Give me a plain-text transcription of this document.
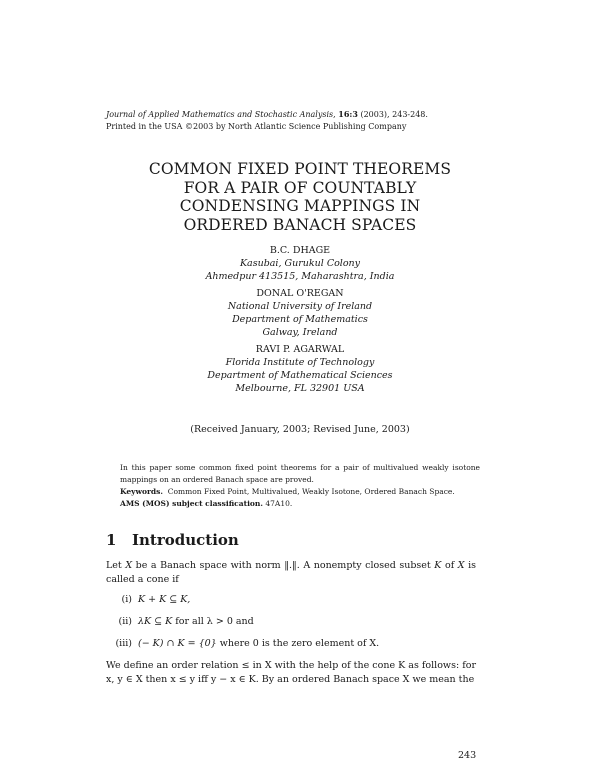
Journal of Applied Mathematics and Stochastic Analysis, 16:3 (2003), 243-248.
Printed in the USA ©2003 by North Atlantic Science Publishing Company
COMMON FIXED POINT THEOREMS
FOR A PAIR OF COUNTABLY
CONDENSING MAPPINGS IN
ORDERED BANACH SPACES
B.C. DHAGE
Kasubai, Gurukul Colony
Ahmedpur 413515, Maharashtra, India
DONAL O'REGAN
National University of Ireland
Department of Mathematics
Galway, Ireland
RAVI P. AGARWAL
Florida Institute of Technology
Department of Mathematical Sciences
Melbourne, FL 32901 USA
(Received January, 2003; Revised June, 2003)
In this paper some common fixed point theorems for a pair of multivalued weakly isotone mappings on an ordered Banach space are proved.
Keywords. Common Fixed Point, Multivalued, Weakly Isotone, Ordered Banach Space.
AMS (MOS) subject classification. 47A10.
1 Introduction

Let X be a Banach space with norm ‖.‖. A nonempty closed subset K of X is called a cone if

(i) K + K ⊆ K,
(ii) λK ⊆ K
for all λ > 0 and
(iii) (− K) ∩ K = {0}
where 0 is the zero element of X.

We define an order relation ≤ in X with the help of the cone K as follows: for x, y ∈ X then x ≤ y iff y − x ∈ K. By an ordered Banach space X we mean the

243
